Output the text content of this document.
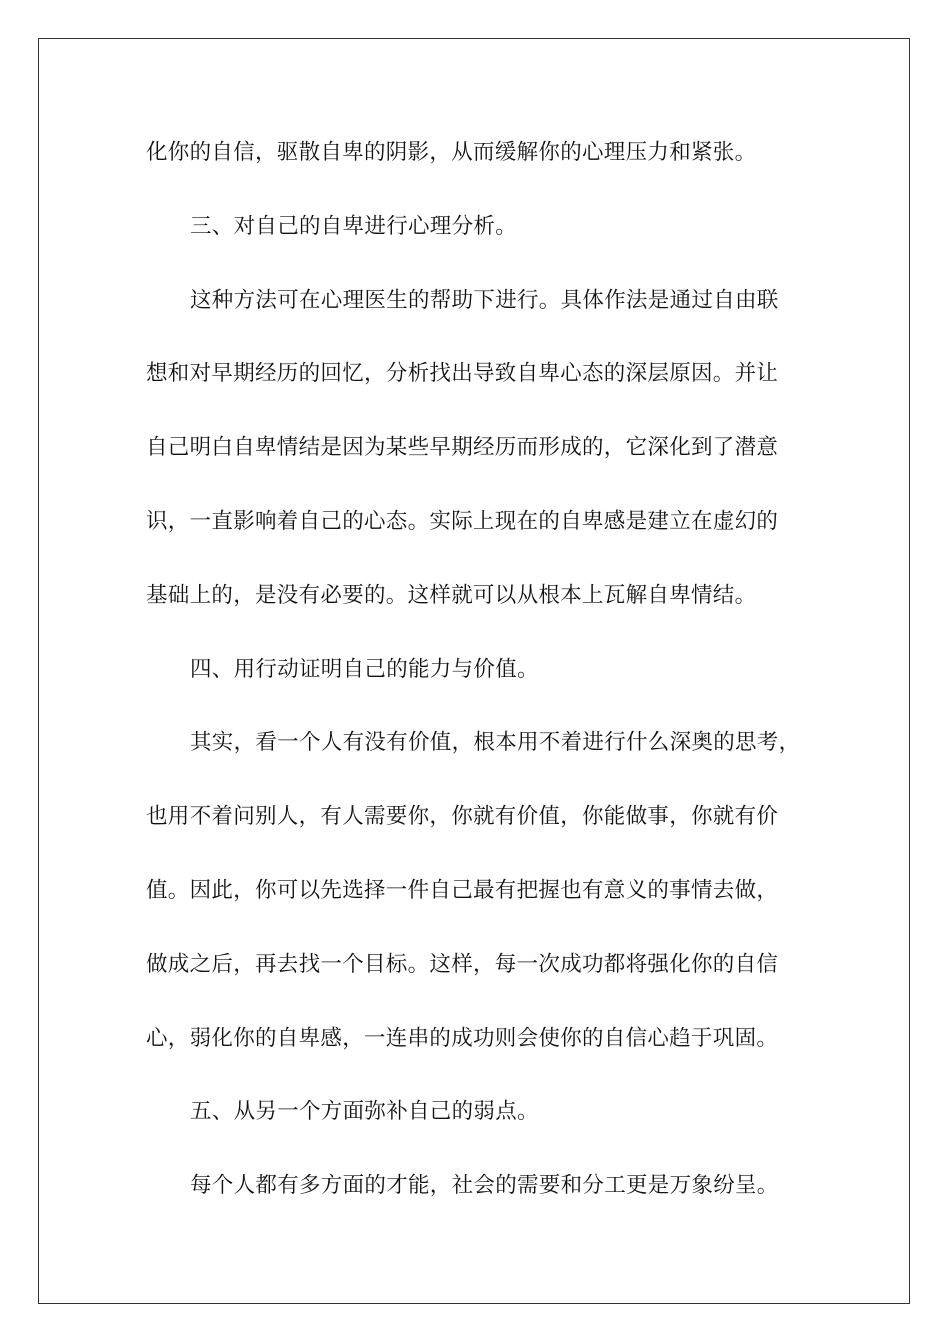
化你的自信，驱散自卑的阴影，从而缓解你的心理压力和紧张。
三、对自己的自卑进行心理分析。
这种方法可在心理医生的帮助下进行。具体作法是通过自由联
想和对早期经历的回忆，分析找出导致自卑心态的深层原因。并让
自己明白自卑情结是因为某些早期经历而形成的，它深化到了潜意
识，一直影响着自己的心态。实际上现在的自卑感是建立在虚幻的
基础上的，是没有必要的。这样就可以从根本上瓦解自卑情结。
四、用行动证明自己的能力与价值。
其实，看一个人有没有价值，根本用不着进行什么深奥的思考，
也用不着问别人，有人需要你，你就有价值，你能做事，你就有价
值。因此，你可以先选择一件自己最有把握也有意义的事情去做，
做成之后，再去找一个目标。这样，每一次成功都将强化你的自信
心，弱化你的自卑感，一连串的成功则会使你的自信心趋于巩固。
五、从另一个方面弥补自己的弱点。
每个人都有多方面的才能，社会的需要和分工更是万象纷呈。
